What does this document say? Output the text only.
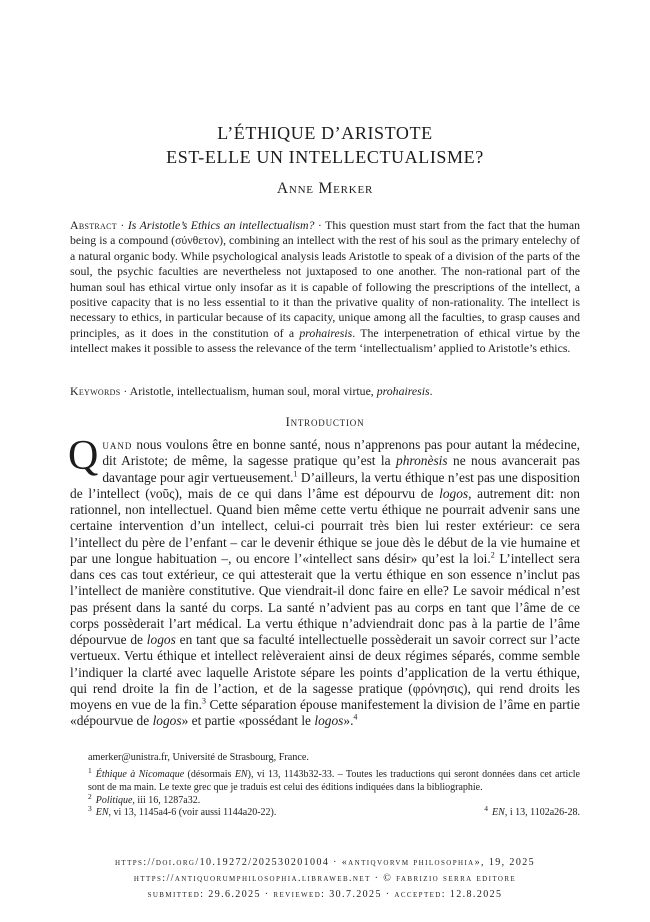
L’ÉTHIQUE D’ARISTOTE
EST-ELLE UN INTELLECTUALISME?
Anne Merker
Abstract · Is Aristotle’s Ethics an intellectualism? · This question must start from the fact that the human being is a compound (σύνθετον), combining an intellect with the rest of his soul as the primary entelechy of a natural organic body. While psychological analysis leads Aristotle to speak of a division of the parts of the soul, the psychic faculties are nevertheless not juxtaposed to one another. The non-rational part of the human soul has ethical virtue only insofar as it is capable of following the prescriptions of the intellect, a positive capacity that is no less essential to it than the privative quality of non-rationality. The intellect is necessary to ethics, in particular because of its capacity, unique among all the faculties, to grasp causes and principles, as it does in the constitution of a prohairesis. The interpenetration of ethical virtue by the intellect makes it possible to assess the relevance of the term ‘intellectualism’ applied to Aristotle’s ethics.
Keywords · Aristotle, intellectualism, human soul, moral virtue, prohairesis.
Introduction
Quand nous voulons être en bonne santé, nous n’apprenons pas pour autant la médecine, dit Aristote; de même, la sagesse pratique qu’est la phronèsis ne nous avancerait pas davantage pour agir vertueusement.$^1$ D’ailleurs, la vertu éthique n’est pas une disposition de l’intellect (νοῦς), mais de ce qui dans l’âme est dépourvu de logos, autrement dit: non rationnel, non intellectuel. Quand bien même cette vertu éthique ne pourrait advenir sans une certaine intervention d’un intellect, celui-ci pourrait très bien lui rester extérieur: ce sera l’intellect du père de l’enfant – car le devenir éthique se joue dès le début de la vie humaine et par une longue habituation –, ou encore l’«intellect sans désir» qu’est la loi.$^2$ L’intellect sera dans ces cas tout extérieur, ce qui attesterait que la vertu éthique en son essence n’inclut pas l’intellect de manière constitutive. Que viendrait-il donc faire en elle? Le savoir médical n’est pas présent dans la santé du corps. La santé n’advient pas au corps en tant que l’âme de ce corps possèderait l’art médical. La vertu éthique n’adviendrait donc pas à la partie de l’âme dépourvue de logos en tant que sa faculté intellectuelle possèderait un savoir correct sur l’acte vertueux. Vertu éthique et intellect relèveraient ainsi de deux régimes séparés, comme semble l’indiquer la clarté avec laquelle Aristote sépare les points d’application de la vertu éthique, qui rend droite la fin de l’action, et de la sagesse pratique (φρόνησις), qui rend droits les moyens en vue de la fin.$^3$ Cette séparation épouse manifestement la division de l’âme en partie «dépourvue de logos» et partie «possédant le logos».$^4$
amerker@unistra.fr, Université de Strasbourg, France.
$^1$ Éthique à Nicomaque (désormais EN), vi 13, 1143b32-33. – Toutes les traductions qui seront données dans cet article sont de ma main. Le texte grec que je traduis est celui des éditions indiquées dans la bibliographie.
$^2$ Politique, iii 16, 1287a32.
$^3$ EN, vi 13, 1145a4-6 (voir aussi 1144a20-22).	$^4$ EN, i 13, 1102a26-28.
https://doi.org/10.19272/202530201004 · «antiqvorvm philosophia», 19, 2025
https://antiquorumphilosophia.libraweb.net · © fabrizio serra editore
submitted: 29.6.2025 · reviewed: 30.7.2025 · accepted: 12.8.2025
